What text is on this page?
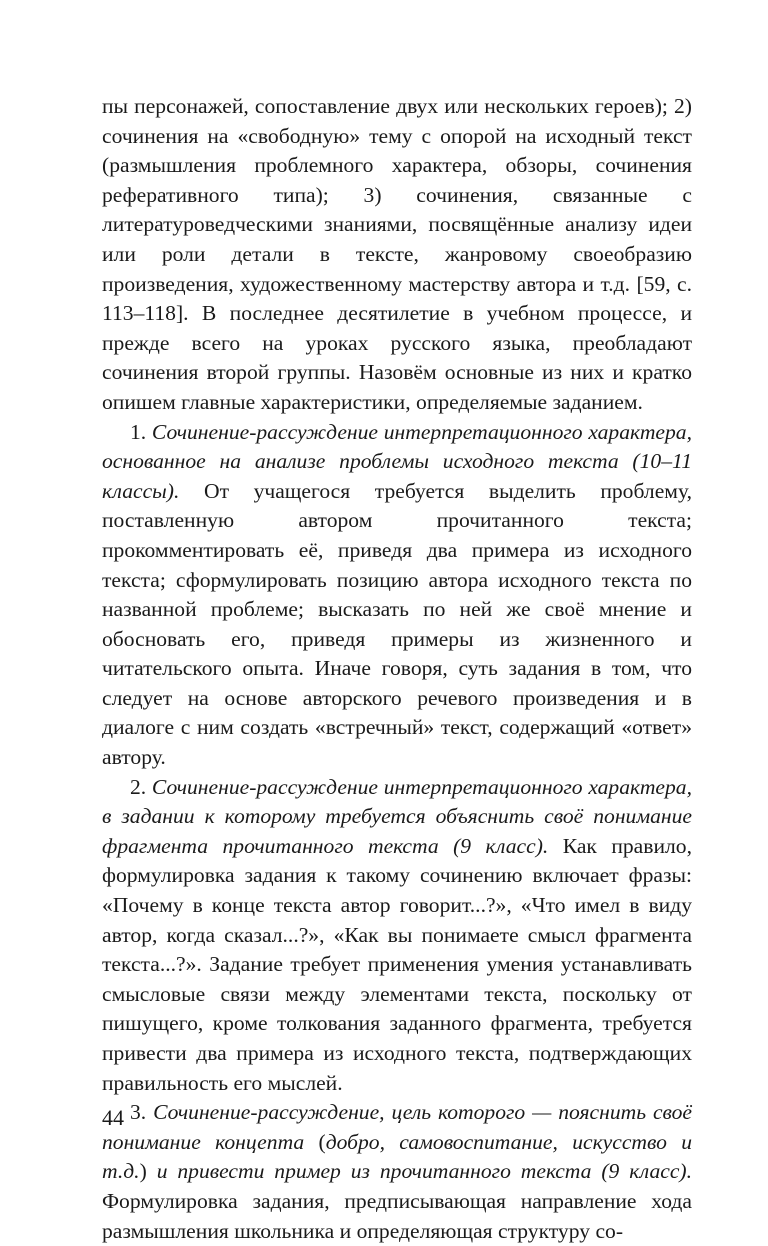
пы персонажей, сопоставление двух или нескольких героев); 2) сочинения на «свободную» тему с опорой на исходный текст (размышления проблемного характера, обзоры, сочинения реферативного типа); 3) сочинения, связанные с литературоведческими знаниями, посвящённые анализу идеи или роли детали в тексте, жанровому своеобразию произведения, художественному мастерству автора и т.д. [59, с. 113–118]. В последнее десятилетие в учебном процессе, и прежде всего на уроках русского языка, преобладают сочинения второй группы. Назовём основные из них и кратко опишем главные характеристики, определяемые заданием.

1. Сочинение-рассуждение интерпретационного характера, основанное на анализе проблемы исходного текста (10–11 классы). От учащегося требуется выделить проблему, поставленную автором прочитанного текста; прокомментировать её, приведя два примера из исходного текста; сформулировать позицию автора исходного текста по названной проблеме; высказать по ней же своё мнение и обосновать его, приведя примеры из жизненного и читательского опыта. Иначе говоря, суть задания в том, что следует на основе авторского речевого произведения и в диалоге с ним создать «встречный» текст, содержащий «ответ» автору.

2. Сочинение-рассуждение интерпретационного характера, в задании к которому требуется объяснить своё понимание фрагмента прочитанного текста (9 класс). Как правило, формулировка задания к такому сочинению включает фразы: «Почему в конце текста автор говорит...?», «Что имел в виду автор, когда сказал...?», «Как вы понимаете смысл фрагмента текста...?». Задание требует применения умения устанавливать смысловые связи между элементами текста, поскольку от пишущего, кроме толкования заданного фрагмента, требуется привести два примера из исходного текста, подтверждающих правильность его мыслей.

3. Сочинение-рассуждение, цель которого — пояснить своё понимание концепта (добро, самовоспитание, искусство и т.д.) и привести пример из прочитанного текста (9 класс). Формулировка задания, предписывающая направление хода размышления школьника и определяющая структуру со-

44
